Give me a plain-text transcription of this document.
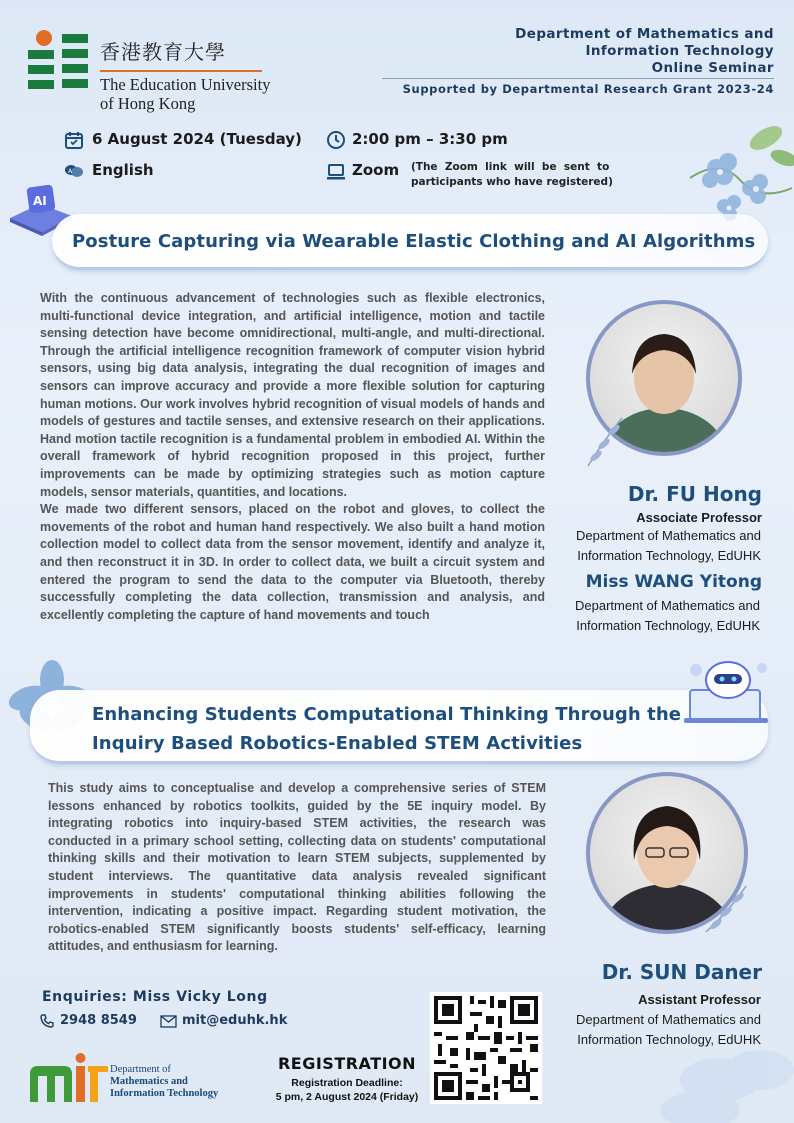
香港教育大學
The Education University
of Hong Kong
Department of Mathematics and
Information Technology
Online Seminar
Supported by Departmental Research Grant 2023-24
6 August 2024 (Tuesday)	2:00 pm – 3:30 pm
A English	Zoom (The  Zoom  link  will  be  sent  to
participants who have registered)
AI
Posture Capturing via Wearable Elastic Clothing and AI Algorithms

With the continuous advancement of technologies such as flexible electronics, multi-functional device integration, and artificial intelligence, motion and tactile sensing detection have become omnidirectional, multi-angle, and multi-directional. Through the artificial intelligence recognition framework of computer vision hybrid sensors, using big data analysis, integrating the dual recognition of images and sensors can improve accuracy and provide a more flexible solution for capturing human motions. Our work involves hybrid recognition of visual models of hands and models of gestures and tactile senses, and extensive research on their applications. Hand motion tactile recognition is a fundamental problem in embodied AI. Within the overall framework of hybrid recognition proposed in this project, further improvements can be made by optimizing strategies such as motion capture models, sensor materials, quantities, and locations.

We made two different sensors, placed on the robot and gloves, to collect the movements of the robot and human hand respectively. We also built a hand motion collection model to collect data from the sensor movement, identify and analyze it, and then reconstruct it in 3D. In order to collect data, we built a circuit system and entered the program to send the data to the computer via Bluetooth, thereby successfully completing the data collection, transmission and analysis, and excellently completing the capture of hand movements and touch

Dr. FU Hong
Associate Professor
Department of Mathematics and
Information Technology, EdUHK
Miss WANG Yitong
Department of Mathematics and
Information Technology, EdUHK
Enhancing Students Computational Thinking Through the
Inquiry Based Robotics-Enabled STEM Activities

This study aims to conceptualise and develop a comprehensive series of STEM lessons enhanced by robotics toolkits, guided by the 5E inquiry model. By integrating robotics into inquiry-based STEM activities, the research was conducted in a primary school setting, collecting data on students' computational thinking skills and their motivation to learn STEM subjects, supplemented by student interviews. The quantitative data analysis revealed significant improvements in students' computational thinking abilities following the intervention, indicating a positive impact. Regarding student motivation, the robotics-enabled STEM significantly boosts students' self-efficacy, learning attitudes, and enthusiasm for learning.

Dr. SUN Daner
Assistant Professor
Department of Mathematics and
Information Technology, EdUHK
Enquiries: Miss Vicky Long
2948 8549	mit@eduhk.hk
Department of
Mathematics and
Information Technology
REGISTRATION
Registration Deadline:
5 pm, 2 August 2024 (Friday)
